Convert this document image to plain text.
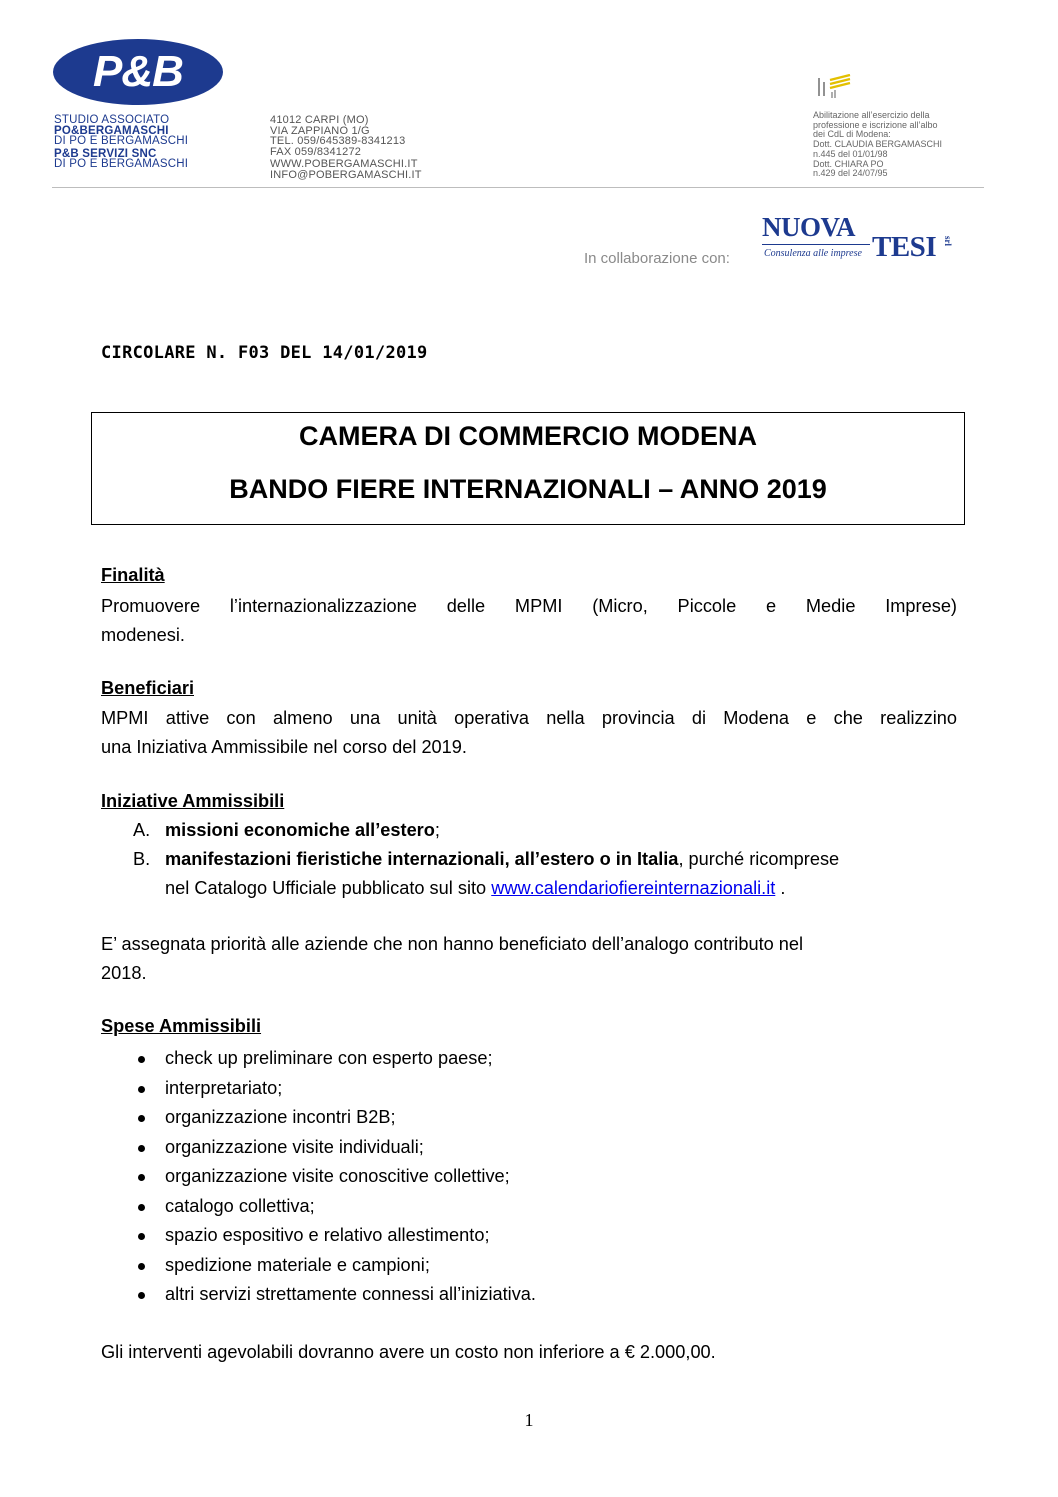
P&B
STUDIO ASSOCIATO
PO&BERGAMASCHI
DI PO E BERGAMASCHI
P&B SERVIZI SNC
DI PO E BERGAMASCHI
41012 CARPI (MO)
VIA ZAPPIANO 1/G
TEL. 059/645389-8341213
FAX 059/8341272
WWW.POBERGAMASCHI.IT
INFO@POBERGAMASCHI.IT
Abilitazione all’esercizio della
professione e iscrizione all’albo
dei CdL di Modena:
Dott. CLAUDIA BERGAMASCHI
n.445 del 01/01/98
Dott. CHIARA PO
n.429 del 24/07/95
In collaborazione con:
NUOVA
TESI srl
Consulenza alle imprese
CIRCOLARE N. F03 DEL 14/01/2019
CAMERA DI COMMERCIO MODENA
BANDO FIERE INTERNAZIONALI – ANNO 2019
Finalità
Promuovere l’internazionalizzazione delle MPMI (Micro, Piccole e Medie Imprese)
modenesi.
Beneficiari
MPMI attive con almeno una unità operativa nella provincia di Modena e che realizzino
una Iniziativa Ammissibile nel corso del 2019.
Iniziative Ammissibili
A. missioni economiche all’estero;
B. manifestazioni fieristiche internazionali, all’estero o in Italia, purché ricomprese
nel Catalogo Ufficiale pubblicato sul sito www.calendariofiereinternazionali.it .
E’ assegnata priorità alle aziende che non hanno beneficiato dell’analogo contributo nel
2018.
Spese Ammissibili
check up preliminare con esperto paese;
interpretariato;
organizzazione incontri B2B;
organizzazione visite individuali;
organizzazione visite conoscitive collettive;
catalogo collettiva;
spazio espositivo e relativo allestimento;
spedizione materiale e campioni;
altri servizi strettamente connessi all’iniziativa.
Gli interventi agevolabili dovranno avere un costo non inferiore a € 2.000,00.
1
